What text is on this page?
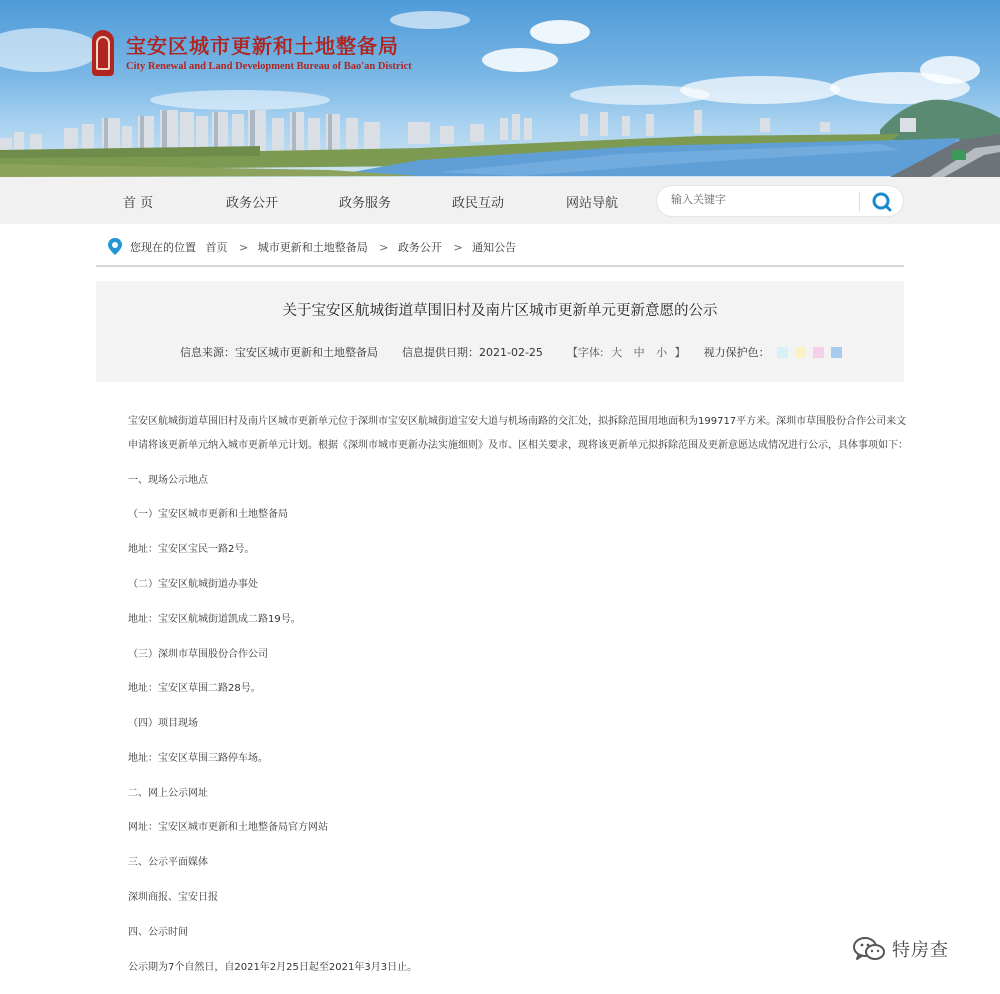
宝安区城市更新和土地整备局
City Renewal and Land Development Bureau of Bao'an District
首 页	政务公开	政务服务	政民互动	网站导航
输入关键字
您现在的位置 首页 > 城市更新和土地整备局 > 政务公开 > 通知公告
关于宝安区航城街道草围旧村及南片区城市更新单元更新意愿的公示
信息来源：宝安区城市更新和土地整备局 信息提供日期：2021-02-25 【字体: 大 中 小 】 视力保护色：
宝安区航城街道草围旧村及南片区城市更新单元位于深圳市宝安区航城街道宝安大道与机场南路的交汇处，拟拆除范围用地面积为199717平方米。深圳市草围股份合作公司来文
申请将该更新单元纳入城市更新单元计划。根据《深圳市城市更新办法实施细则》及市、区相关要求，现将该更新单元拟拆除范围及更新意愿达成情况进行公示，具体事项如下：
一、现场公示地点
（一）宝安区城市更新和土地整备局
地址：宝安区宝民一路2号。
（二）宝安区航城街道办事处
地址：宝安区航城街道凯成二路19号。
（三）深圳市草围股份合作公司
地址：宝安区草围二路28号。
（四）项目现场
地址：宝安区草围三路停车场。
二、网上公示网址
网址：宝安区城市更新和土地整备局官方网站
三、公示平面媒体
深圳商报、宝安日报
四、公示时间
公示期为7个自然日，自2021年2月25日起至2021年3月3日止。
特房查
